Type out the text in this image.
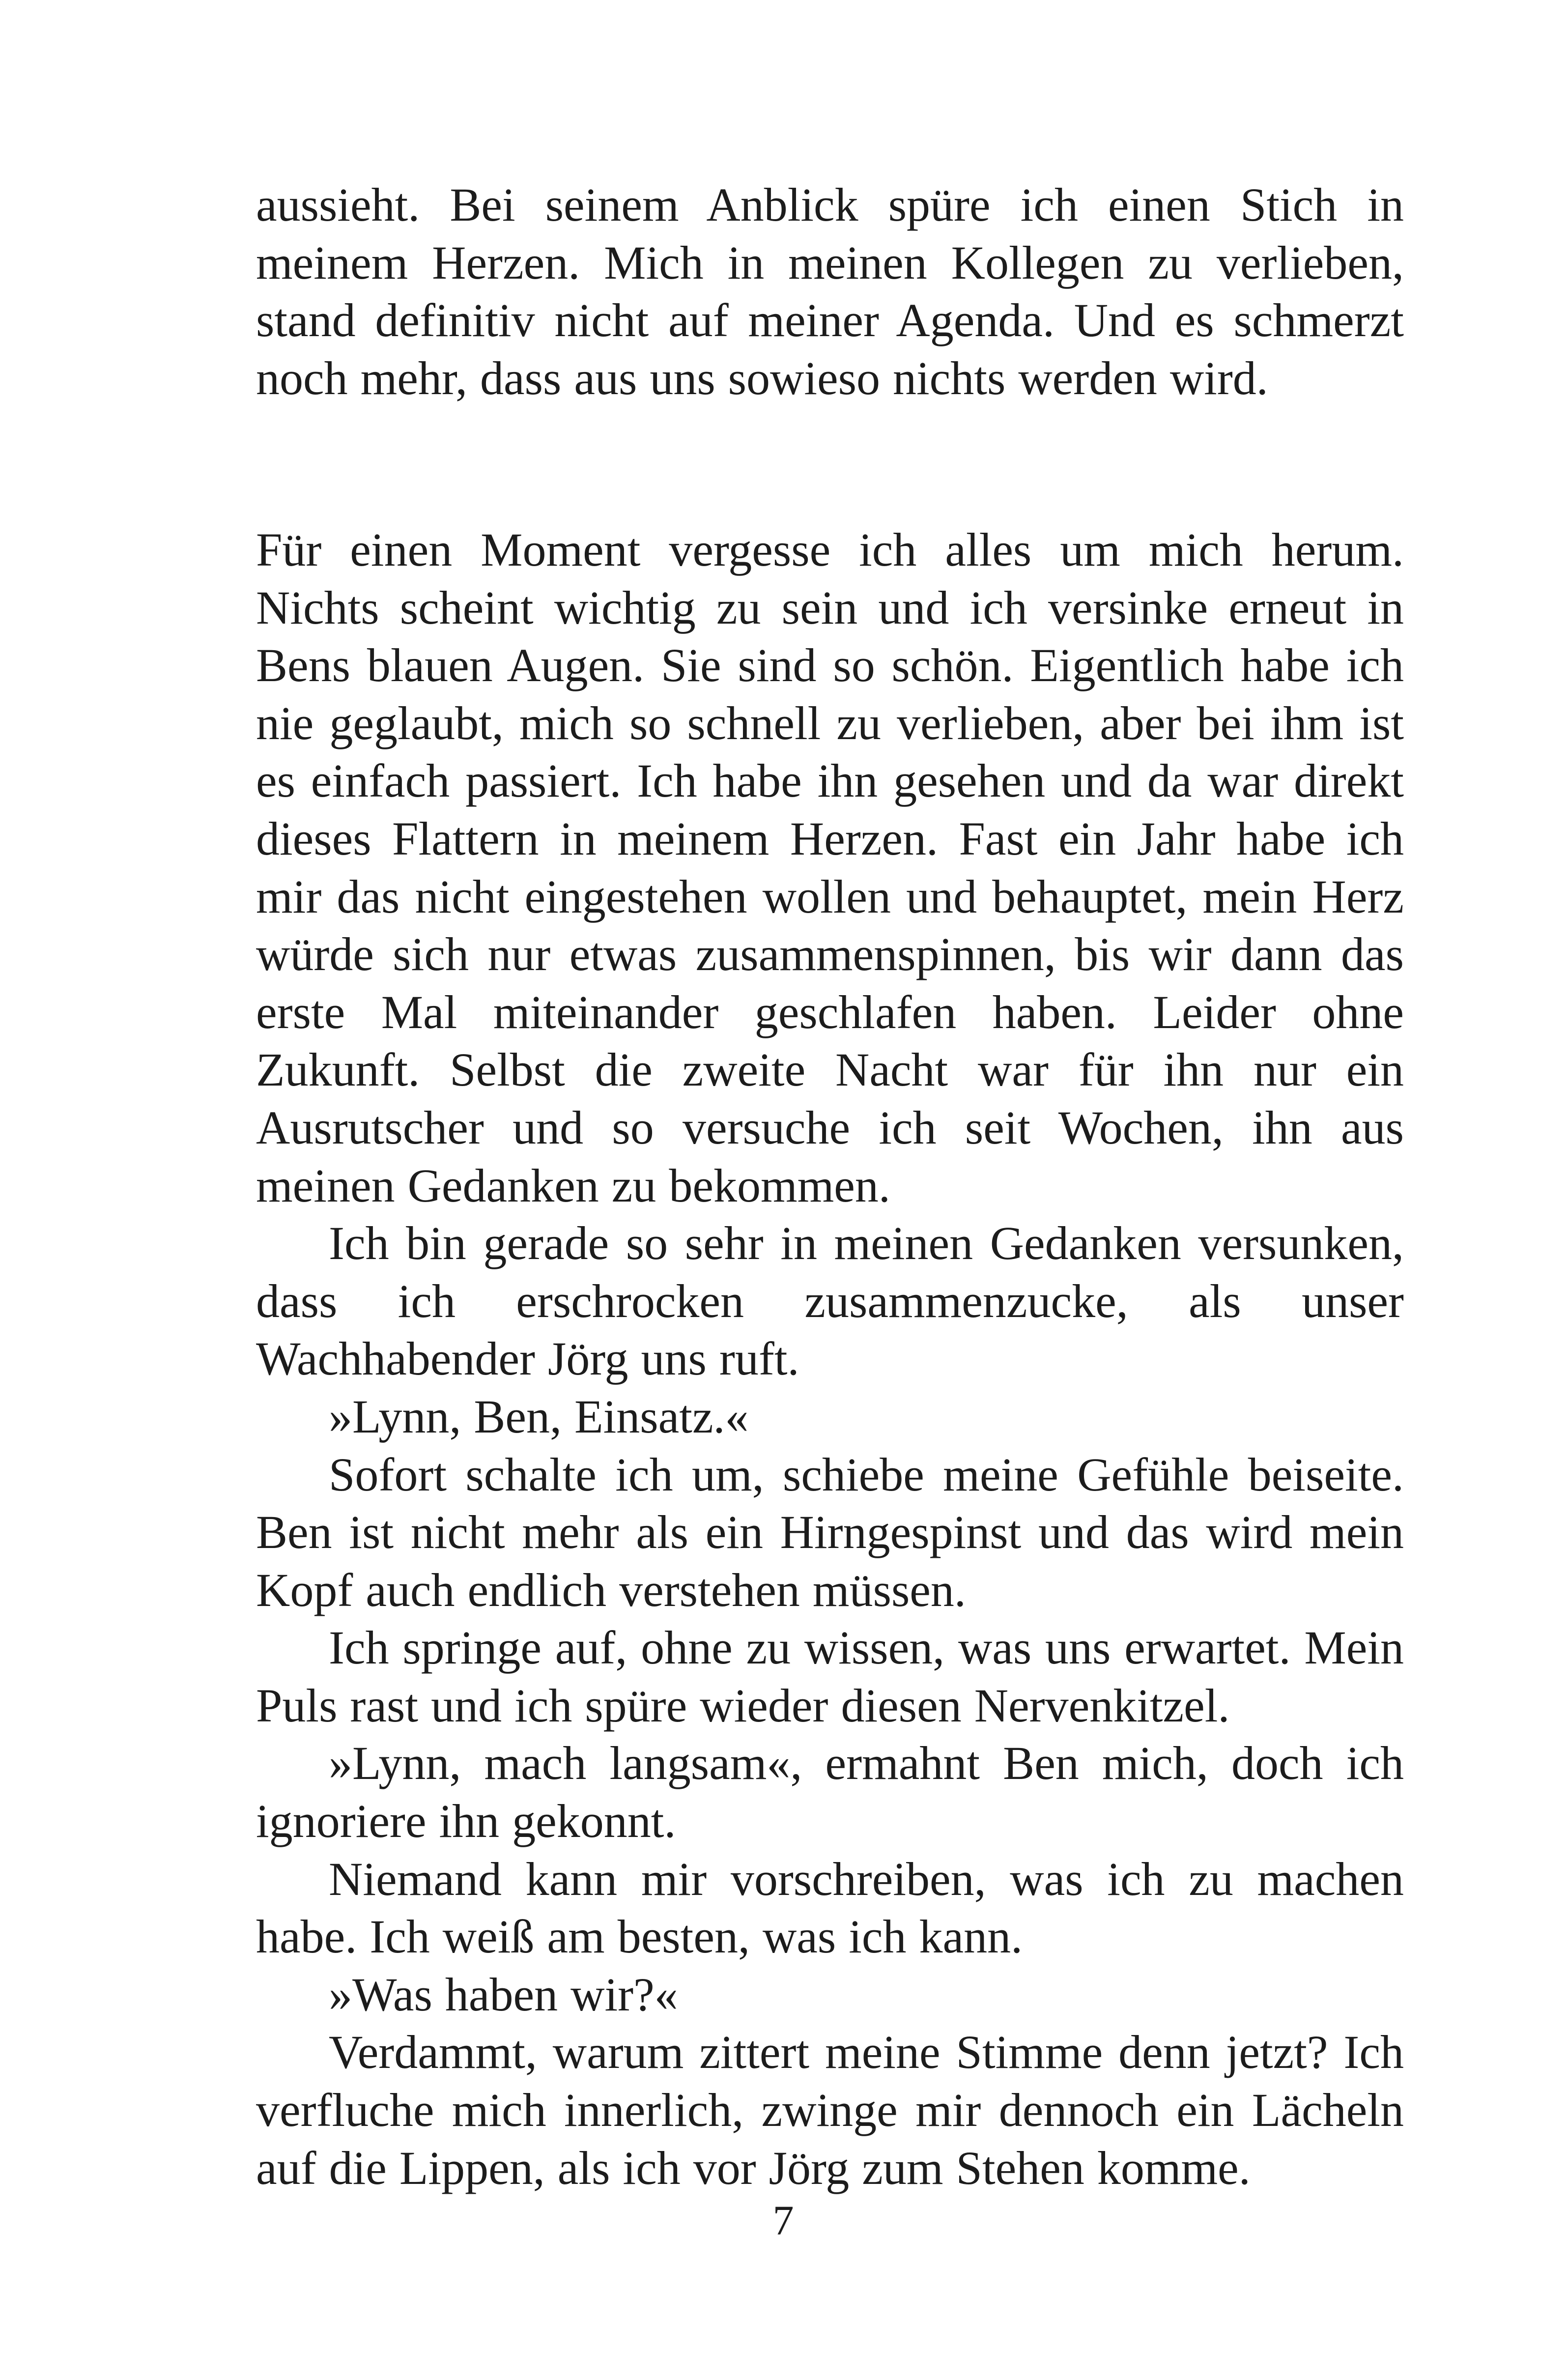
aussieht. Bei seinem Anblick spüre ich einen Stich in meinem Herzen. Mich in meinen Kollegen zu verlieben, stand definitiv nicht auf meiner Agenda. Und es schmerzt noch mehr, dass aus uns sowieso nichts werden wird.

Für einen Moment vergesse ich alles um mich herum. Nichts scheint wichtig zu sein und ich versinke erneut in Bens blauen Augen. Sie sind so schön. Eigentlich habe ich nie geglaubt, mich so schnell zu verlieben, aber bei ihm ist es einfach passiert. Ich habe ihn gesehen und da war direkt dieses Flattern in meinem Herzen. Fast ein Jahr habe ich mir das nicht eingestehen wollen und behauptet, mein Herz würde sich nur etwas zusammenspinnen, bis wir dann das erste Mal miteinander geschlafen haben. Leider ohne Zukunft. Selbst die zweite Nacht war für ihn nur ein Ausrutscher und so versuche ich seit Wochen, ihn aus meinen Gedanken zu bekommen.

Ich bin gerade so sehr in meinen Gedanken versunken, dass ich erschrocken zusammenzucke, als unser Wachhabender Jörg uns ruft.

»Lynn, Ben, Einsatz.«

Sofort schalte ich um, schiebe meine Gefühle beiseite. Ben ist nicht mehr als ein Hirngespinst und das wird mein Kopf auch endlich verstehen müssen.

Ich springe auf, ohne zu wissen, was uns erwartet. Mein Puls rast und ich spüre wieder diesen Nervenkitzel.

»Lynn, mach langsam«, ermahnt Ben mich, doch ich ignoriere ihn gekonnt.

Niemand kann mir vorschreiben, was ich zu machen habe. Ich weiß am besten, was ich kann.

»Was haben wir?«

Verdammt, warum zittert meine Stimme denn jetzt? Ich verfluche mich innerlich, zwinge mir dennoch ein Lächeln auf die Lippen, als ich vor Jörg zum Stehen komme.

7
